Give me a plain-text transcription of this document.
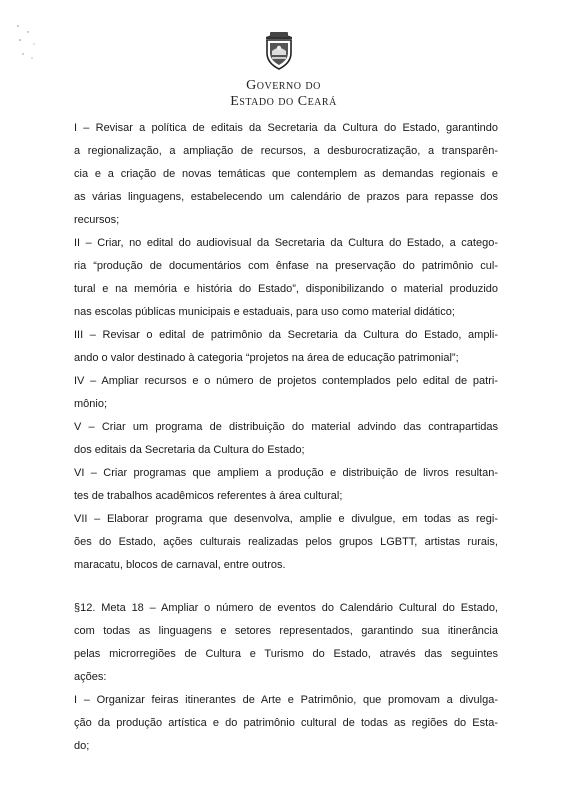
Governo do
Estado do Ceará
I – Revisar a política de editais da Secretaria da Cultura do Estado, garantindo
a regionalização, a ampliação de recursos, a desburocratização, a transparên-
cia e a criação de novas temáticas que contemplem as demandas regionais e
as várias linguagens, estabelecendo um calendário de prazos para repasse dos
recursos;
II – Criar, no edital do audiovisual da Secretaria da Cultura do Estado, a catego-
ria “produção de documentários com ênfase na preservação do patrimônio cul-
tural e na memória e história do Estado”, disponibilizando o material produzido
nas escolas públicas municipais e estaduais, para uso como material didático;
III – Revisar o edital de patrimônio da Secretaria da Cultura do Estado, ampli-
ando o valor destinado à categoria “projetos na área de educação patrimonial”;
IV – Ampliar recursos e o número de projetos contemplados pelo edital de patri-
mônio;
V – Criar um programa de distribuição do material advindo das contrapartidas
dos editais da Secretaria da Cultura do Estado;
VI – Criar programas que ampliem a produção e distribuição de livros resultan-
tes de trabalhos acadêmicos referentes à área cultural;
VII – Elaborar programa que desenvolva, amplie e divulgue, em todas as regi-
ões do Estado, ações culturais realizadas pelos grupos LGBTT, artistas rurais,
maracatu, blocos de carnaval, entre outros.
§12. Meta 18 – Ampliar o número de eventos do Calendário Cultural do Estado,
com todas as linguagens e setores representados, garantindo sua itinerância
pelas microrregiões de Cultura e Turismo do Estado, através das seguintes
ações:
I – Organizar feiras itinerantes de Arte e Patrimônio, que promovam a divulga-
ção da produção artística e do patrimônio cultural de todas as regiões do Esta-
do;
